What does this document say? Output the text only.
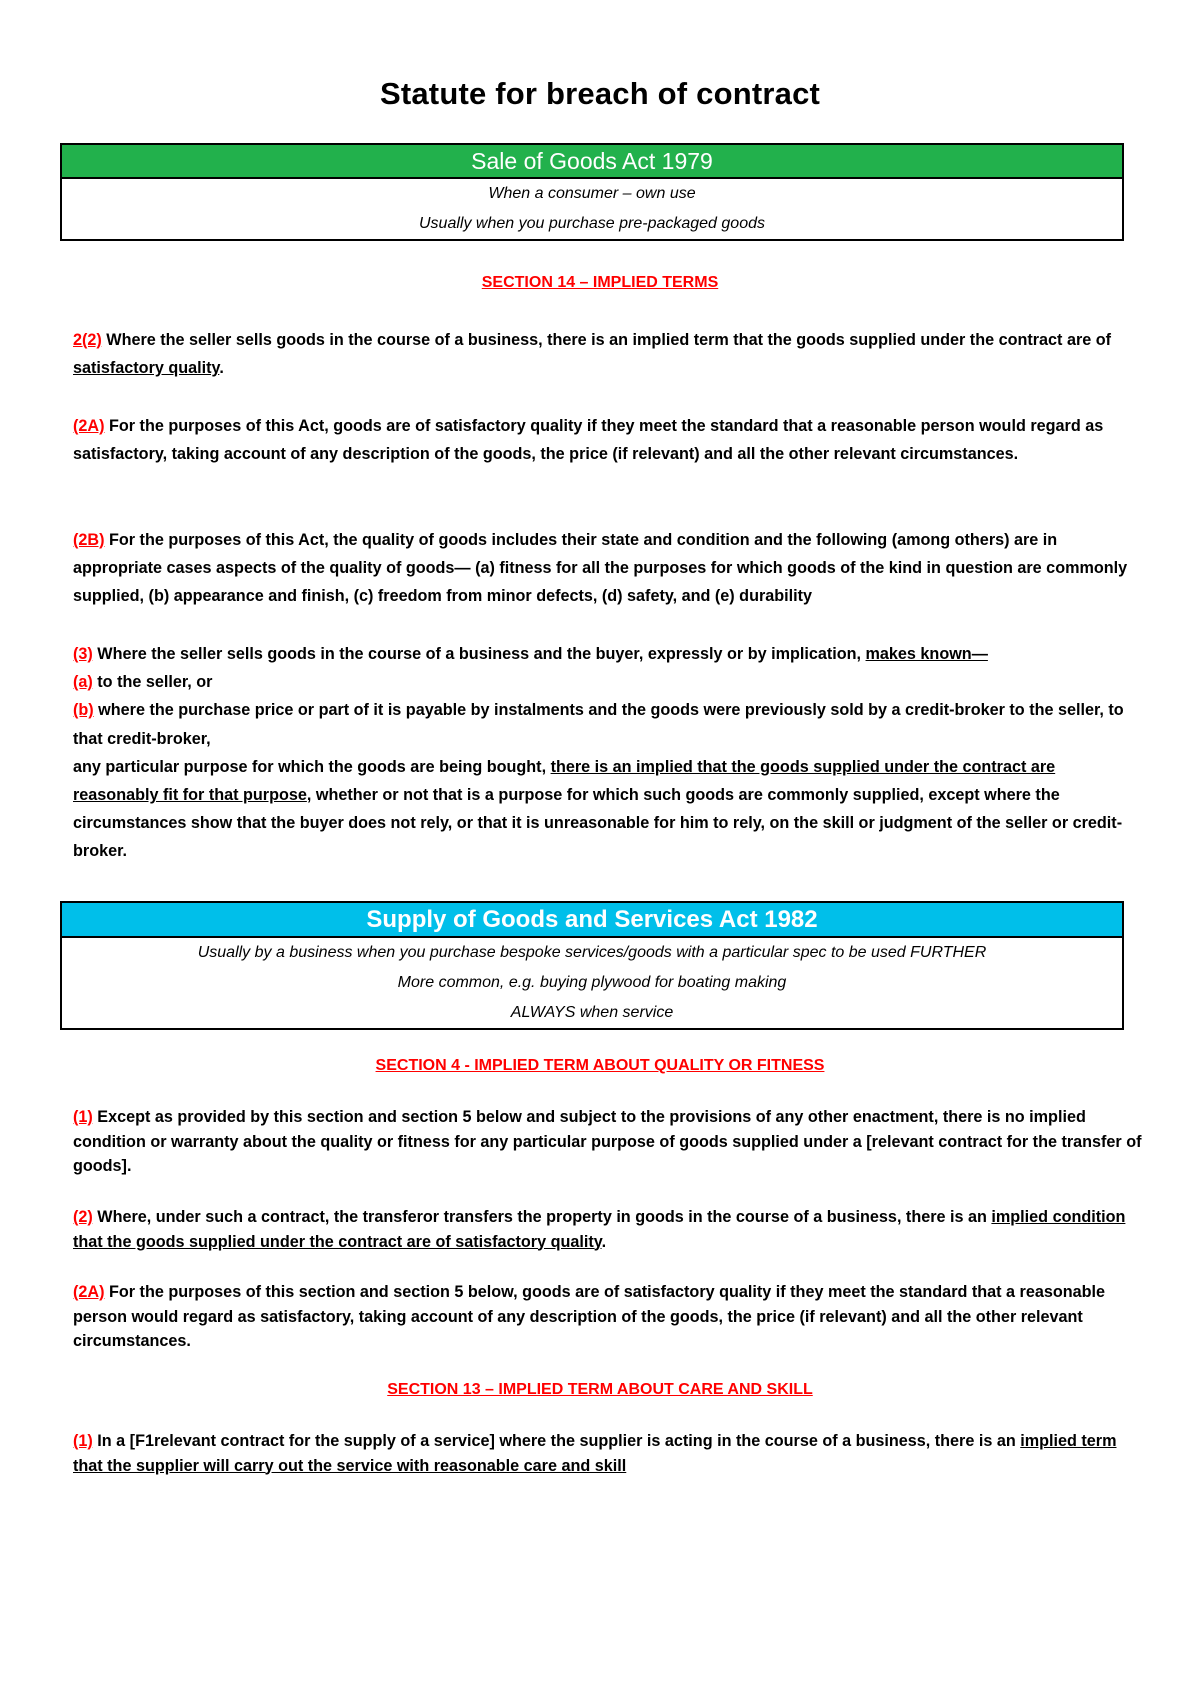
Statute for breach of contract
Sale of Goods Act 1979
When a consumer – own use
Usually when you purchase pre-packaged goods
SECTION 14 – IMPLIED TERMS
2(2) Where the seller sells goods in the course of a business, there is an implied term that the goods supplied under the contract are of satisfactory quality.
(2A) For the purposes of this Act, goods are of satisfactory quality if they meet the standard that a reasonable person would regard as satisfactory, taking account of any description of the goods, the price (if relevant) and all the other relevant circumstances.
(2B) For the purposes of this Act, the quality of goods includes their state and condition and the following (among others) are in appropriate cases aspects of the quality of goods— (a) fitness for all the purposes for which goods of the kind in question are commonly supplied, (b) appearance and finish, (c) freedom from minor defects, (d) safety, and (e) durability
(3) Where the seller sells goods in the course of a business and the buyer, expressly or by implication, makes known—
(a) to the seller, or
(b) where the purchase price or part of it is payable by instalments and the goods were previously sold by a credit-broker to the seller, to that credit-broker,
any particular purpose for which the goods are being bought, there is an implied that the goods supplied under the contract are reasonably fit for that purpose, whether or not that is a purpose for which such goods are commonly supplied, except where the circumstances show that the buyer does not rely, or that it is unreasonable for him to rely, on the skill or judgment of the seller or credit-broker.
Supply of Goods and Services Act 1982
Usually by a business when you purchase bespoke services/goods with a particular spec to be used FURTHER
More common, e.g. buying plywood for boating making
ALWAYS when service
SECTION 4 - IMPLIED TERM ABOUT QUALITY OR FITNESS
(1) Except as provided by this section and section 5 below and subject to the provisions of any other enactment, there is no implied condition or warranty about the quality or fitness for any particular purpose of goods supplied under a [relevant contract for the transfer of goods].
(2) Where, under such a contract, the transferor transfers the property in goods in the course of a business, there is an implied condition that the goods supplied under the contract are of satisfactory quality.
(2A) For the purposes of this section and section 5 below, goods are of satisfactory quality if they meet the standard that a reasonable person would regard as satisfactory, taking account of any description of the goods, the price (if relevant) and all the other relevant circumstances.
SECTION 13 – IMPLIED TERM ABOUT CARE AND SKILL
(1) In a [F1relevant contract for the supply of a service] where the supplier is acting in the course of a business, there is an implied term that the supplier will carry out the service with reasonable care and skill
